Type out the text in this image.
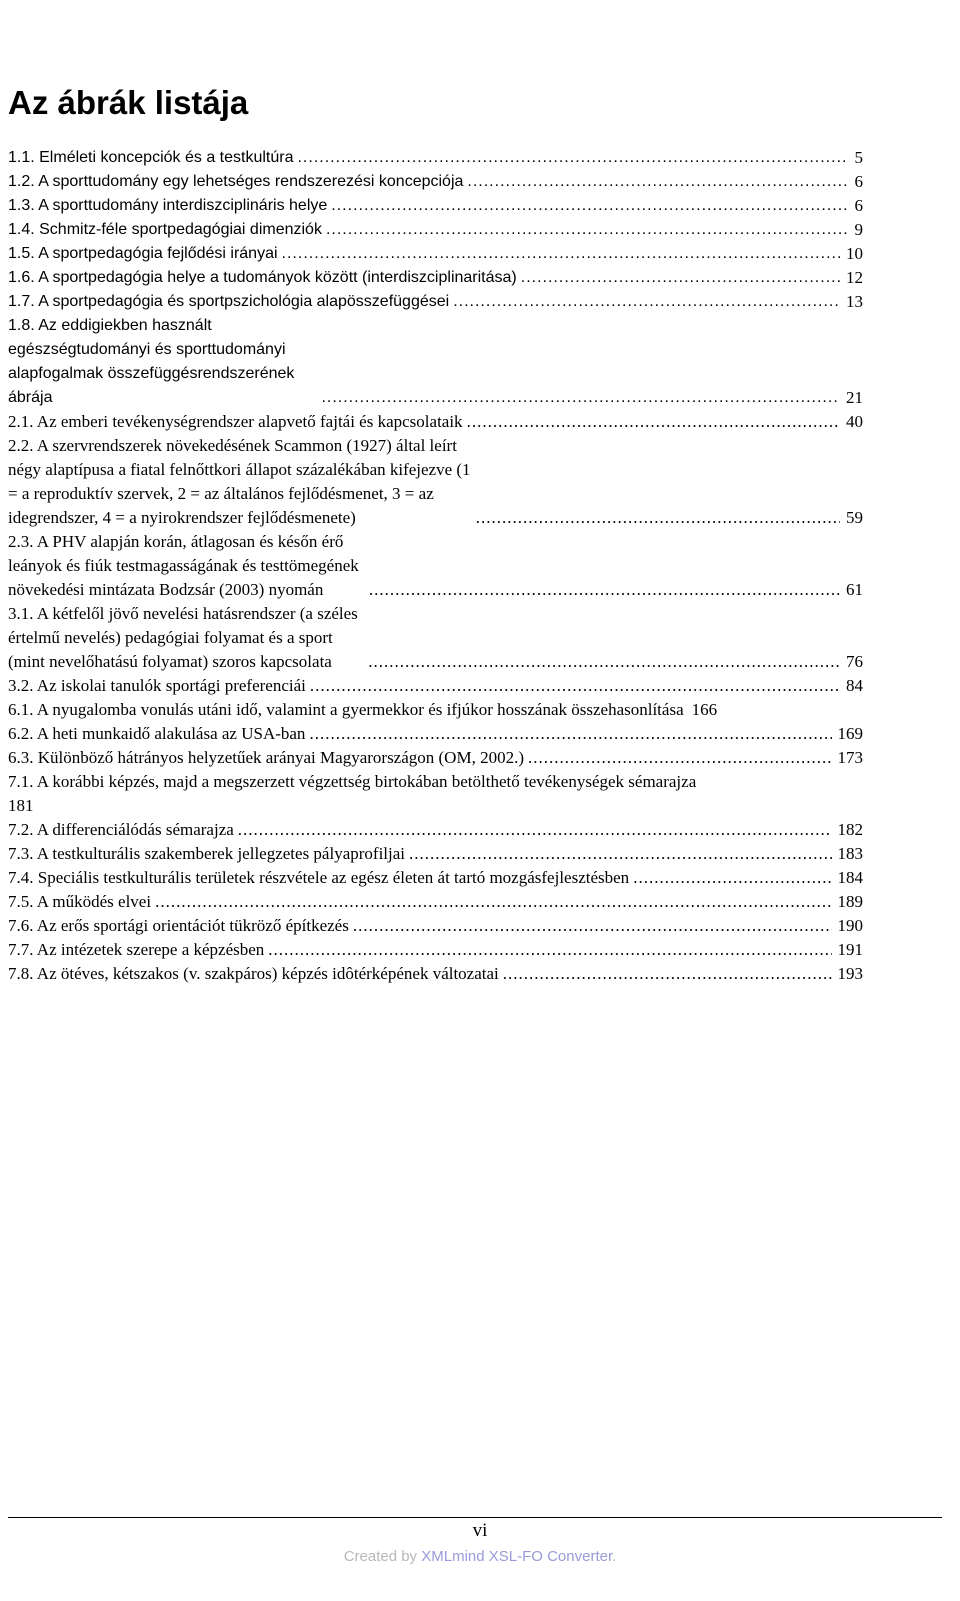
Az ábrák listája
1.1. Elméleti koncepciók és a testkultúra .....	5
1.2. A sporttudomány egy lehetséges rendszerezési koncepciója .....	6
1.3. A sporttudomány interdiszciplináris helye .....	6
1.4. Schmitz-féle sportpedagógiai dimenziók .....	9
1.5. A sportpedagógia fejlődési irányai .....	10
1.6. A sportpedagógia helye a tudományok között (interdiszciplinaritása) .....	12
1.7. A sportpedagógia és sportpszichológia alapösszefüggései .....	13
1.8. Az eddigiekben használt egészségtudományi és sporttudományi alapfogalmak összefüggésrendszerének ábrája .....	21
2.1. Az emberi tevékenységrendszer alapvető fajtái és kapcsolataik .....	40
2.2. A szervrendszerek növekedésének Scammon (1927) által leírt négy alaptípusa a fiatal felnőttkori állapot százalékában kifejezve (1 = a reproduktív szervek, 2 = az általános fejlődésmenet, 3 = az idegrendszer, 4 = a nyirokrendszer fejlődésmenete) .....	59
2.3. A PHV alapján korán, átlagosan és későn érő leányok és fiúk testmagasságának és testtömegének növekedési mintázata Bodzsár (2003) nyomán .....	61
3.1. A kétfelől jövő nevelési hatásrendszer (a széles értelmű nevelés) pedagógiai folyamat és a sport (mint nevelőhatású folyamat) szoros kapcsolata .....	76
3.2. Az iskolai tanulók sportági preferenciái .....	84
6.1. A nyugalomba vonulás utáni idő, valamint a gyermekkor és ifjúkor hosszának összehasonlítása 166
6.2. A heti munkaidő alakulása az USA-ban .....	169
6.3. Különböző hátrányos helyzetűek arányai Magyarországon (OM, 2002.) .....	173
7.1. A korábbi képzés, majd a megszerzett végzettség birtokában betölthető tevékenységek sémarajza
181
7.2. A differenciálódás sémarajza .....	182
7.3. A testkulturális szakemberek jellegzetes pályaprofiljai .....	183
7.4. Speciális testkulturális területek részvétele az egész életen át tartó mozgásfejlesztésben .....	184
7.5. A működés elvei .....	189
7.6. Az erős sportági orientációt tükröző építkezés .....	190
7.7. Az intézetek szerepe a képzésben .....	191
7.8. Az ötéves, kétszakos (v. szakpáros) képzés idôtérképének változatai .....	193
vi
Created by XMLmind XSL-FO Converter.
